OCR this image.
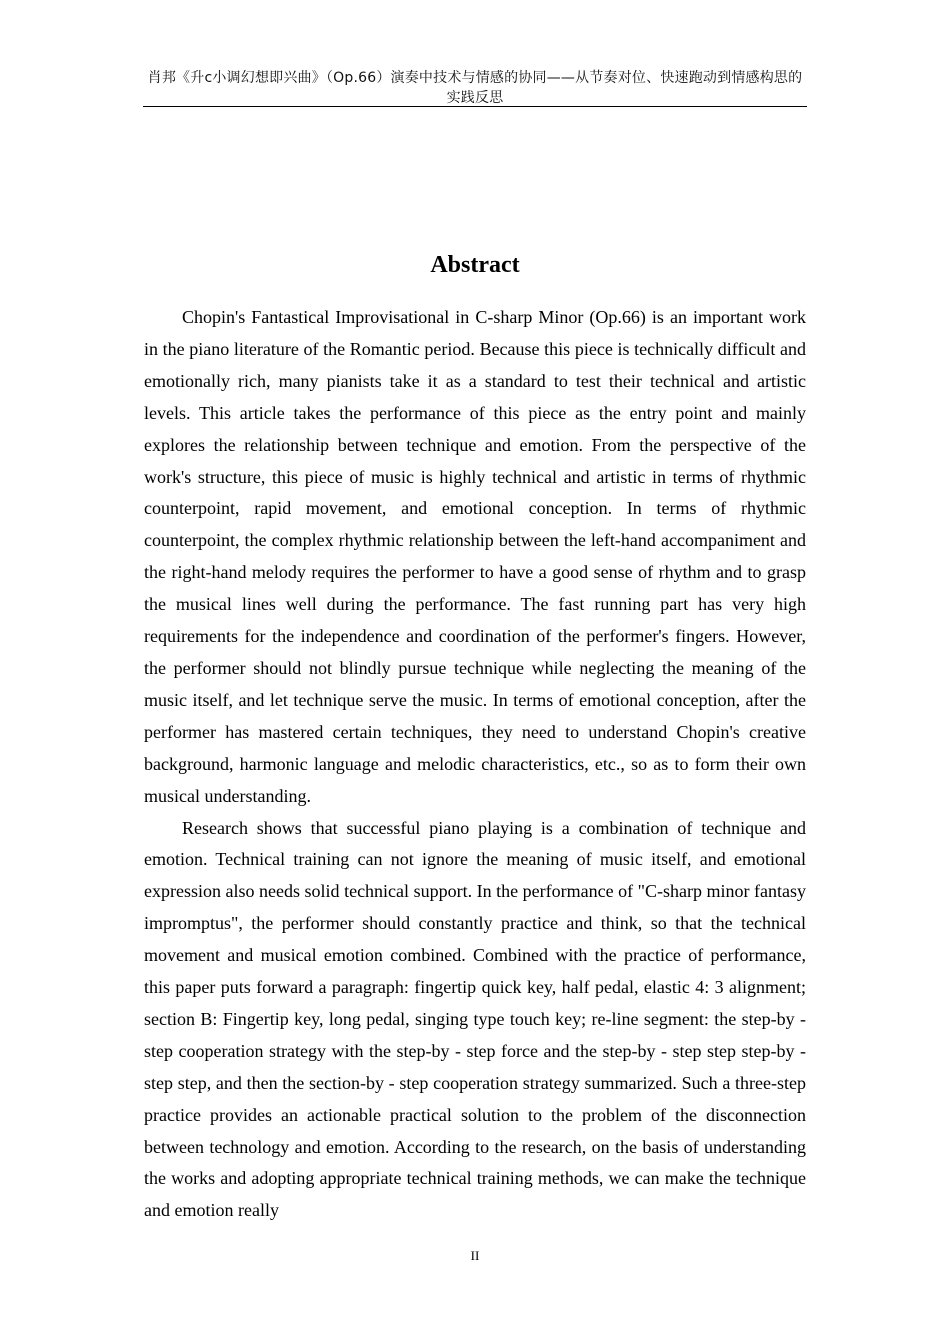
肖邦《升c小调幻想即兴曲》（Op.66）演奏中技术与情感的协同——从节奏对位、快速跑动到情感构思的实践反思
Abstract

Chopin's Fantastical Improvisational in C-sharp Minor (Op.66) is an important work in the piano literature of the Romantic period. Because this piece is technically difficult and emotionally rich, many pianists take it as a standard to test their technical and artistic levels. This article takes the performance of this piece as the entry point and mainly explores the relationship between technique and emotion. From the perspective of the work's structure, this piece of music is highly technical and artistic in terms of rhythmic counterpoint, rapid movement, and emotional conception. In terms of rhythmic counterpoint, the complex rhythmic relationship between the left-hand accompaniment and the right-hand melody requires the performer to have a good sense of rhythm and to grasp the musical lines well during the performance. The fast running part has very high requirements for the independence and coordination of the performer's fingers. However, the performer should not blindly pursue technique while neglecting the meaning of the music itself, and let technique serve the music. In terms of emotional conception, after the performer has mastered certain techniques, they need to understand Chopin's creative background, harmonic language and melodic characteristics, etc., so as to form their own musical understanding.

Research shows that successful piano playing is a combination of technique and emotion. Technical training can not ignore the meaning of music itself, and emotional expression also needs solid technical support. In the performance of "C-sharp minor fantasy impromptus", the performer should constantly practice and think, so that the technical movement and musical emotion combined. Combined with the practice of performance, this paper puts forward a paragraph: fingertip quick key, half pedal, elastic 4: 3 alignment; section B: Fingertip key, long pedal, singing type touch key; re-line segment: the step-by - step cooperation strategy with the step-by - step force and the step-by - step step step-by - step step, and then the section-by - step cooperation strategy summarized. Such a three-step practice provides an actionable practical solution to the problem of the disconnection between technology and emotion. According to the research, on the basis of understanding the works and adopting appropriate technical training methods, we can make the technique and emotion really

II
